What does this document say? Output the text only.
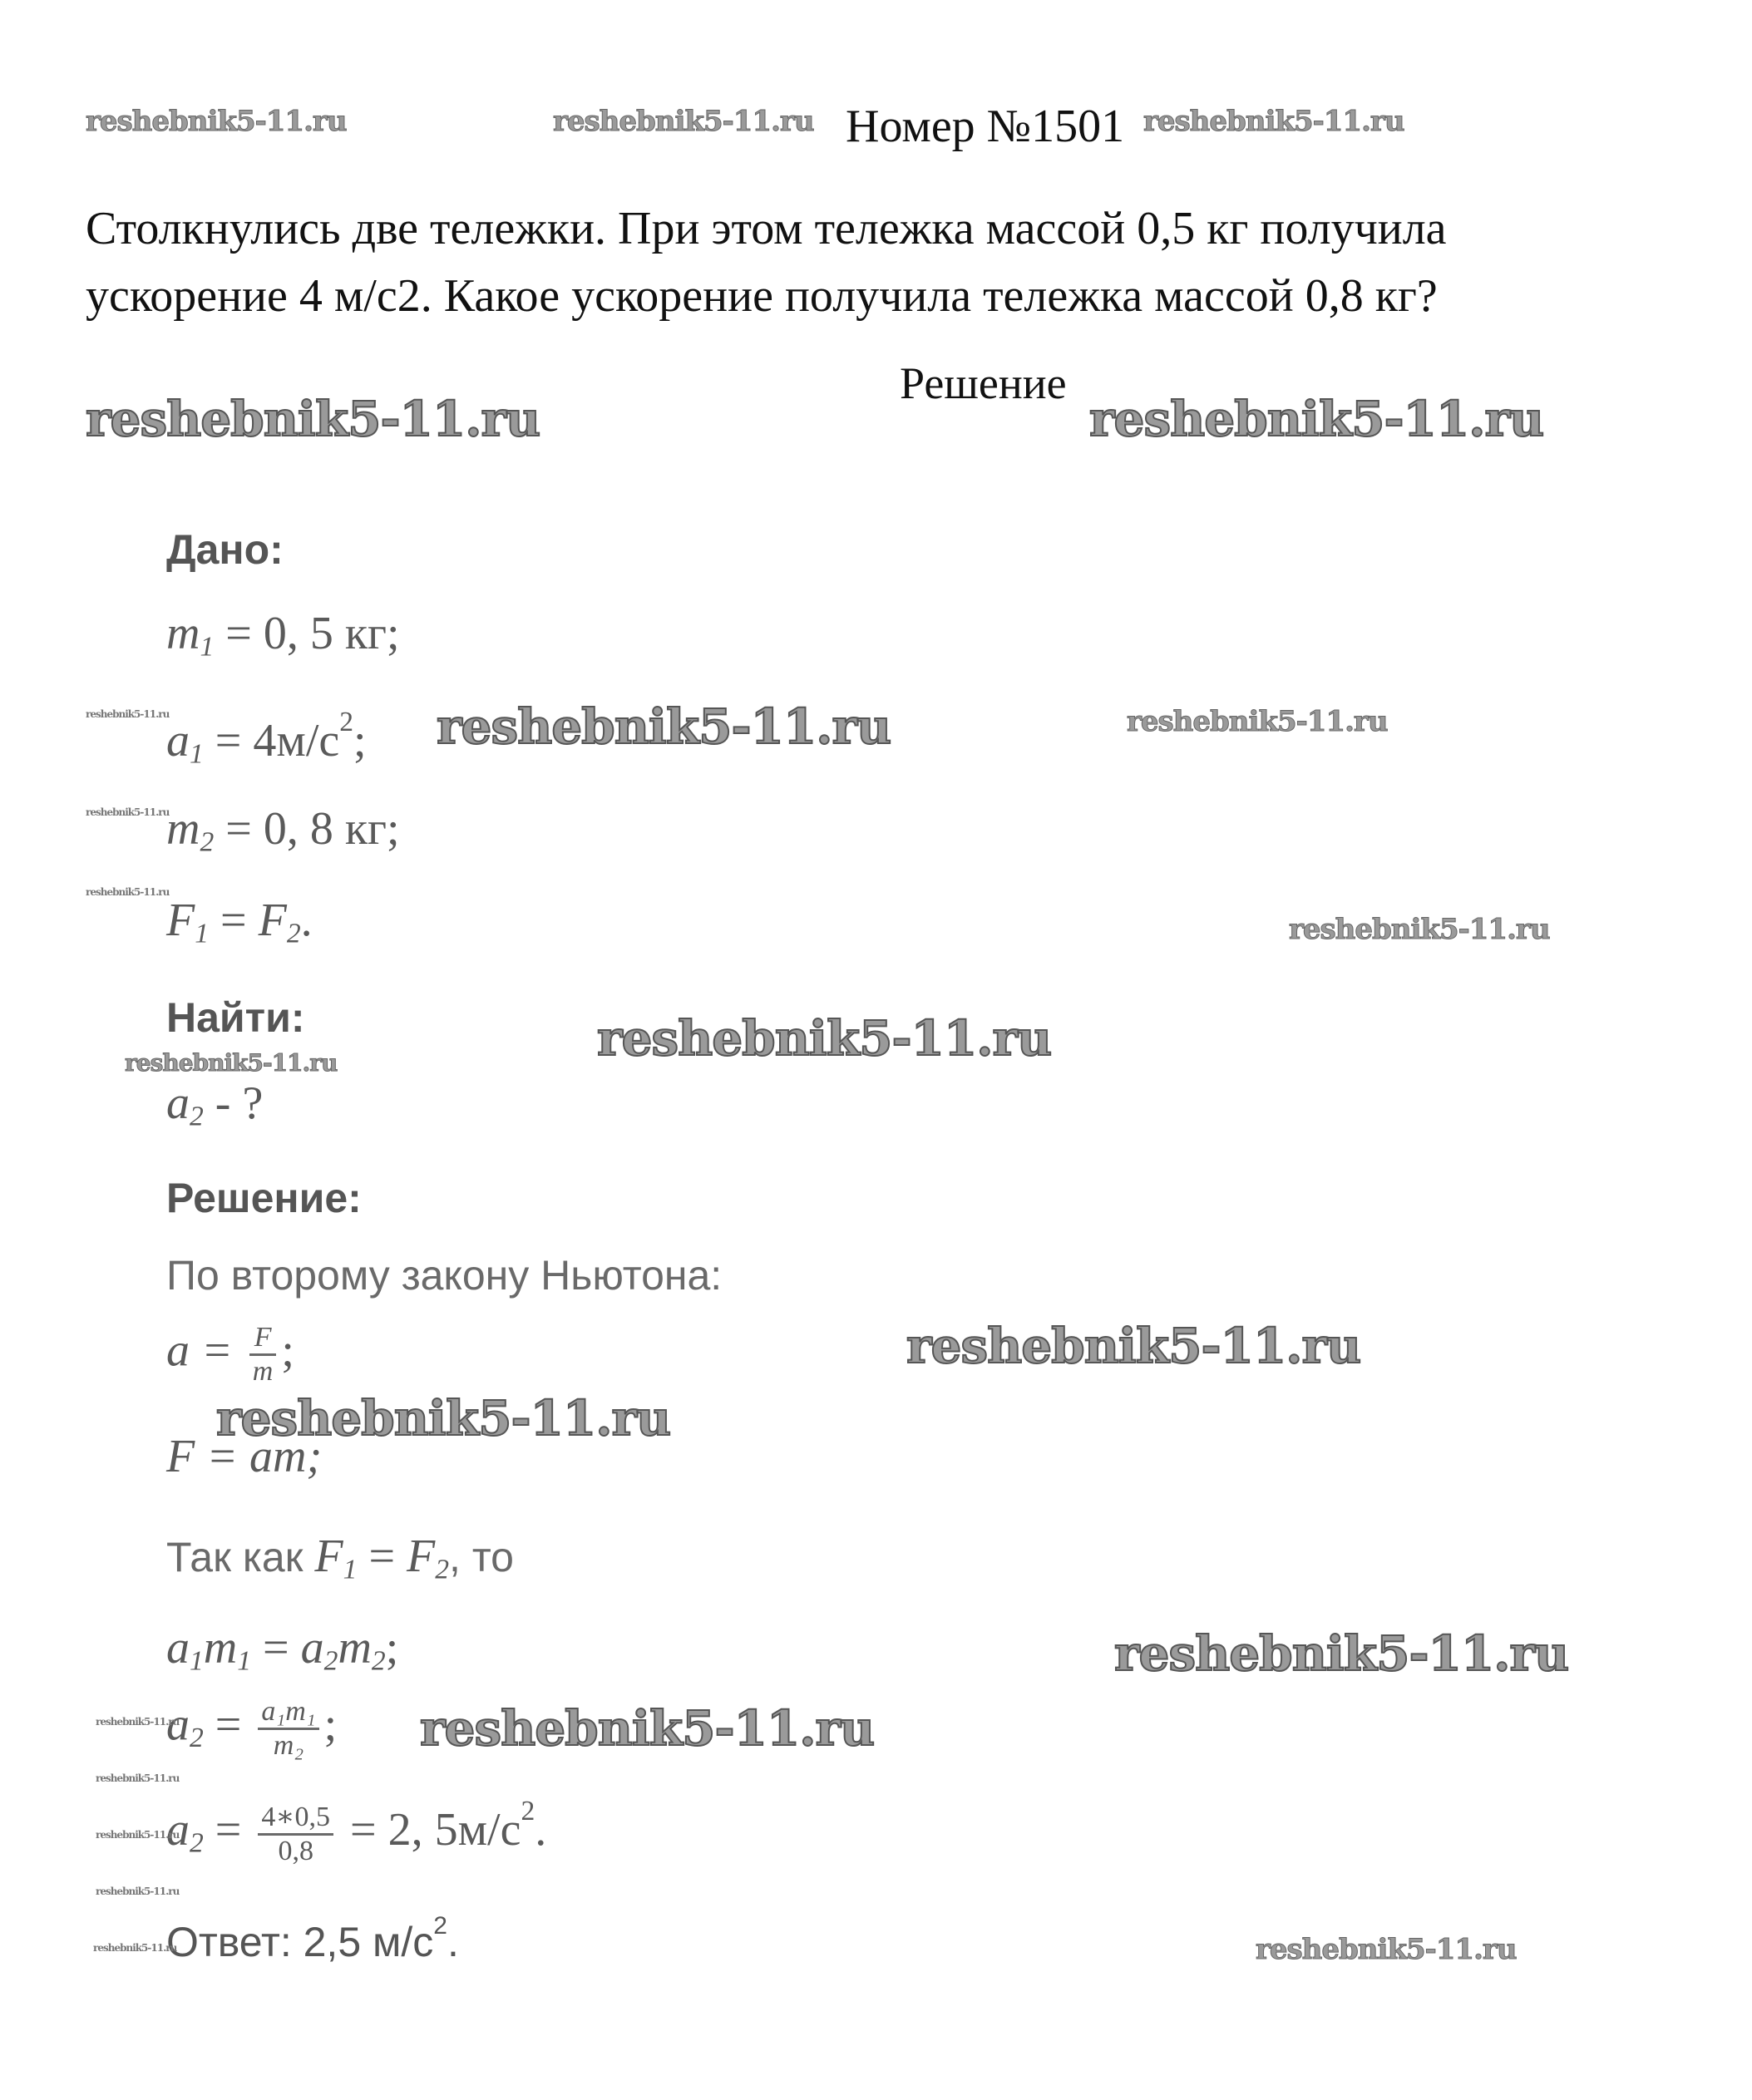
Номер №1501
Столкнулись две тележки. При этом тележка массой 0,5 кг получила
ускорение 4 м/с2. Какое ускорение получила тележка массой 0,8 кг?
Решение
Дано:
$m_1 = 0$, 5 кг;
$a_1 = 4м/с^2$;
$m_2 = 0$, 8 кг;
$F_1 = F_2$.
Найти:
$a_2$ - ?
Решение:
По второму закону Ньютона:
$a = \frac{F}{m}$ ;
F = am;
Так как $F_1 = F_2$, то
$a_1m_1 = a_2m_2$;
$a_2 = \frac{\text{a₁m₁}}{\text{m₂}}$ ;
$a_2 = \frac{4∗0,5}{0,8} = 2$, $5м/с^2$.
Ответ: 2,5 $м/с^2$.
reshebnik5-11.ru	reshebnik5-11.ru	reshebnik5-11.ru
reshebnik5-11.ru	reshebnik5-11.ru
reshebnik5-11.ru	reshebnik5-11.ru	reshebnik5-11.ru
reshebnik5-11.ru
reshebnik5-11.ru
reshebnik5-11.ru
reshebnik5-11.ru
reshebnik5-11.ru
reshebnik5-11.ru
reshebnik5-11.ru
reshebnik5-11.ru
reshebnik5-11.ru	reshebnik5-11.ru
reshebnik5-11.ru
reshebnik5-11.ru
reshebnik5-11.ru
reshebnik5-11.ru	reshebnik5-11.ru
